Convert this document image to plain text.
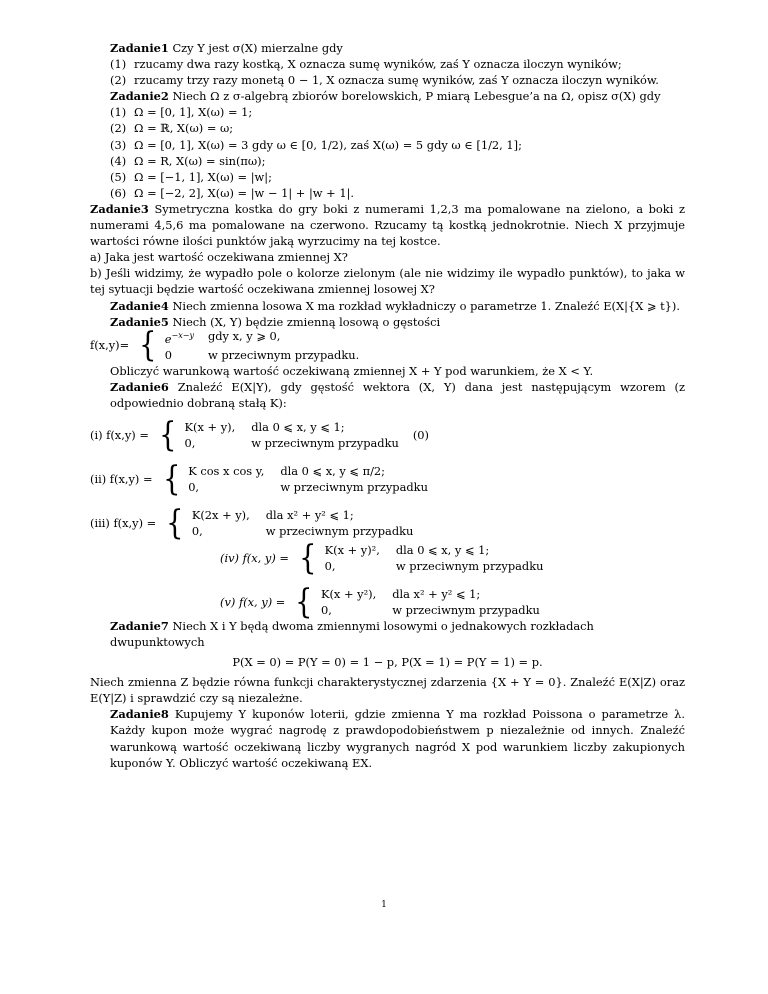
Zadanie1 Czy Y jest σ(X) mierzalne gdy

(1) rzucamy dwa razy kostką, X oznacza sumę wyników, zaś Y oznacza iloczyn wyników;
(2) rzucamy trzy razy monetą 0 − 1, X oznacza sumę wyników, zaś Y oznacza iloczyn wyników.

Zadanie2 Niech Ω z σ-algebrą zbiorów borelowskich, P miarą Lebesgue’a na Ω, opisz σ(X) gdy

(1) Ω = [0, 1], X(ω) = 1;
(2) Ω = ℝ, X(ω) = ω;
(3) Ω = [0, 1], X(ω) = 3 gdy ω ∈ [0, 1/2), zaś X(ω) = 5 gdy ω ∈ [1/2, 1];
(4) Ω = R, X(ω) = sin(πω);
(5) Ω = [−1, 1], X(ω) = |w|;
(6) Ω = [−2, 2], X(ω) = |w − 1| + |w + 1|.

Zadanie3 Symetryczna kostka do gry boki z numerami 1,2,3 ma pomalowane na zielono, a boki z numerami 4,5,6 ma pomalowane na czerwono. Rzucamy tą kostką jednokrotnie. Niech X przyjmuje wartości równe ilości punktów jaką wyrzucimy na tej kostce.

a) Jaka jest wartość oczekiwana zmiennej X?

b) Jeśli widzimy, że wypadło pole o kolorze zielonym (ale nie widzimy ile wypadło punktów), to jaka w tej sytuacji będzie wartość oczekiwana zmiennej losowej X?

Zadanie4 Niech zmienna losowa X ma rozkład wykładniczy o parametrze 1. Znaleźć E(X|{X ⩾ t}).

Zadanie5 Niech (X, Y) będzie zmienną losową o gęstości

f(x,y)= { $e^{-x-y}$ gdy x, y ⩾ 0,
0	w przeciwnym przypadku.

Obliczyć warunkową wartość oczekiwaną zmiennej X + Y pod warunkiem, że X < Y.

Zadanie6 Znaleźć E(X|Y), gdy gęstość wektora (X, Y) dana jest następującym wzorem (z odpowiednio dobraną stałą K):

(i) f(x,y) = { K(x + y), dla 0 ⩽ x, y ⩽ 1;
0,	w przeciwnym przypadku
(0)
(ii) f(x,y) = { K cos x cos y, dla 0 ⩽ x, y ⩽ π/2;
0,	w przeciwnym przypadku
(iii) f(x,y) = { K(2x + y), dla x² + y² ⩽ 1;
0,	w przeciwnym przypadku
(iv) f(x, y) = { K(x + y)², dla 0 ⩽ x, y ⩽ 1;
0,	w przeciwnym przypadku
(v) f(x, y) = { K(x + y²), dla x² + y² ⩽ 1;
0,	w przeciwnym przypadku

Zadanie7 Niech X i Y będą dwoma zmiennymi losowymi o jednakowych rozkładach dwupunktowych

P(X = 0) = P(Y = 0) = 1 − p, P(X = 1) = P(Y = 1) = p.

Niech zmienna Z będzie równa funkcji charakterystycznej zdarzenia {X + Y = 0}. Znaleźć E(X|Z) oraz E(Y|Z) i sprawdzić czy są niezależne.

Zadanie8 Kupujemy Y kuponów loterii, gdzie zmienna Y ma rozkład Poissona o parametrze λ. Każdy kupon może wygrać nagrodę z prawdopodobieństwem p niezależnie od innych. Znaleźć warunkową wartość oczekiwaną liczby wygranych nagród X pod warunkiem liczby zakupionych kuponów Y. Obliczyć wartość oczekiwaną EX.

1
